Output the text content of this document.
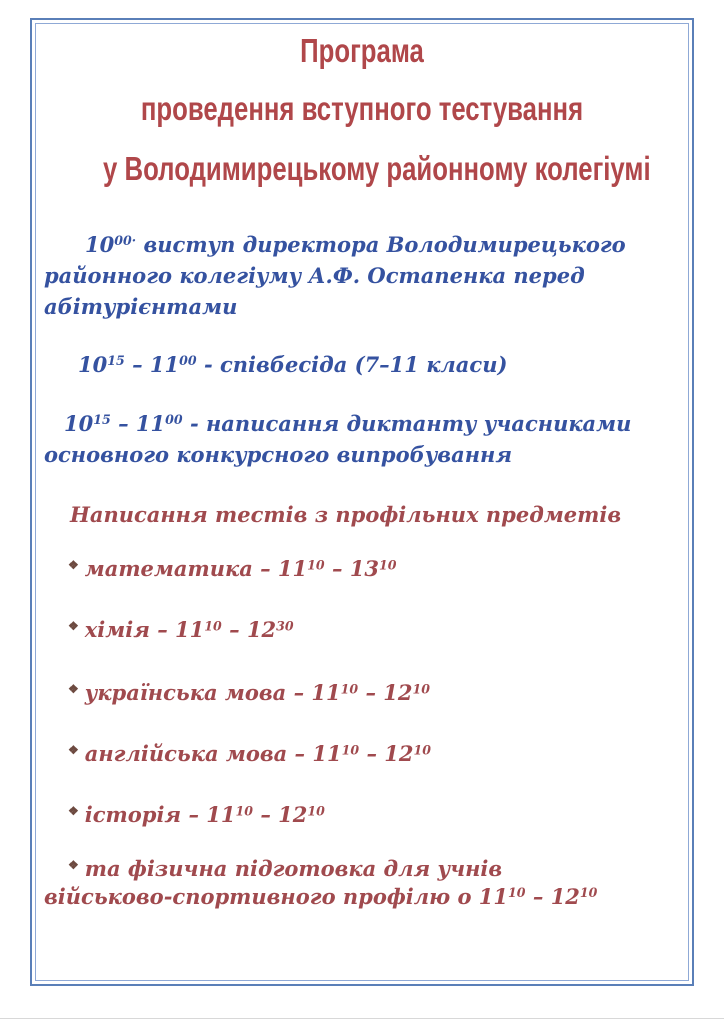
Програма
проведення вступного тестування
у Володимирецькому районному колегіумі
$10^{00\cdot}$ виступ директора Володимирецького
районного колегіуму А.Ф. Остапенка перед
абітурієнтами
$10^{15} - 11^{00}$ - співбесіда (7–11 класи)
$10^{15} - 11^{00}$ - написання диктанту учасниками
основного конкурсного випробування
Написання тестів з профільних предметів
❖ математика – $11^{10} - 13^{10}$
❖ хімія – $11^{10} - 12^{30}$
❖ українська мова – $11^{10} - 12^{10}$
❖ англійська мова – $11^{10} - 12^{10}$
❖ історія – $11^{10} - 12^{10}$
❖ та фізична підготовка для учнів
військово-спортивного профілю о $11^{10} - 12^{10}$
